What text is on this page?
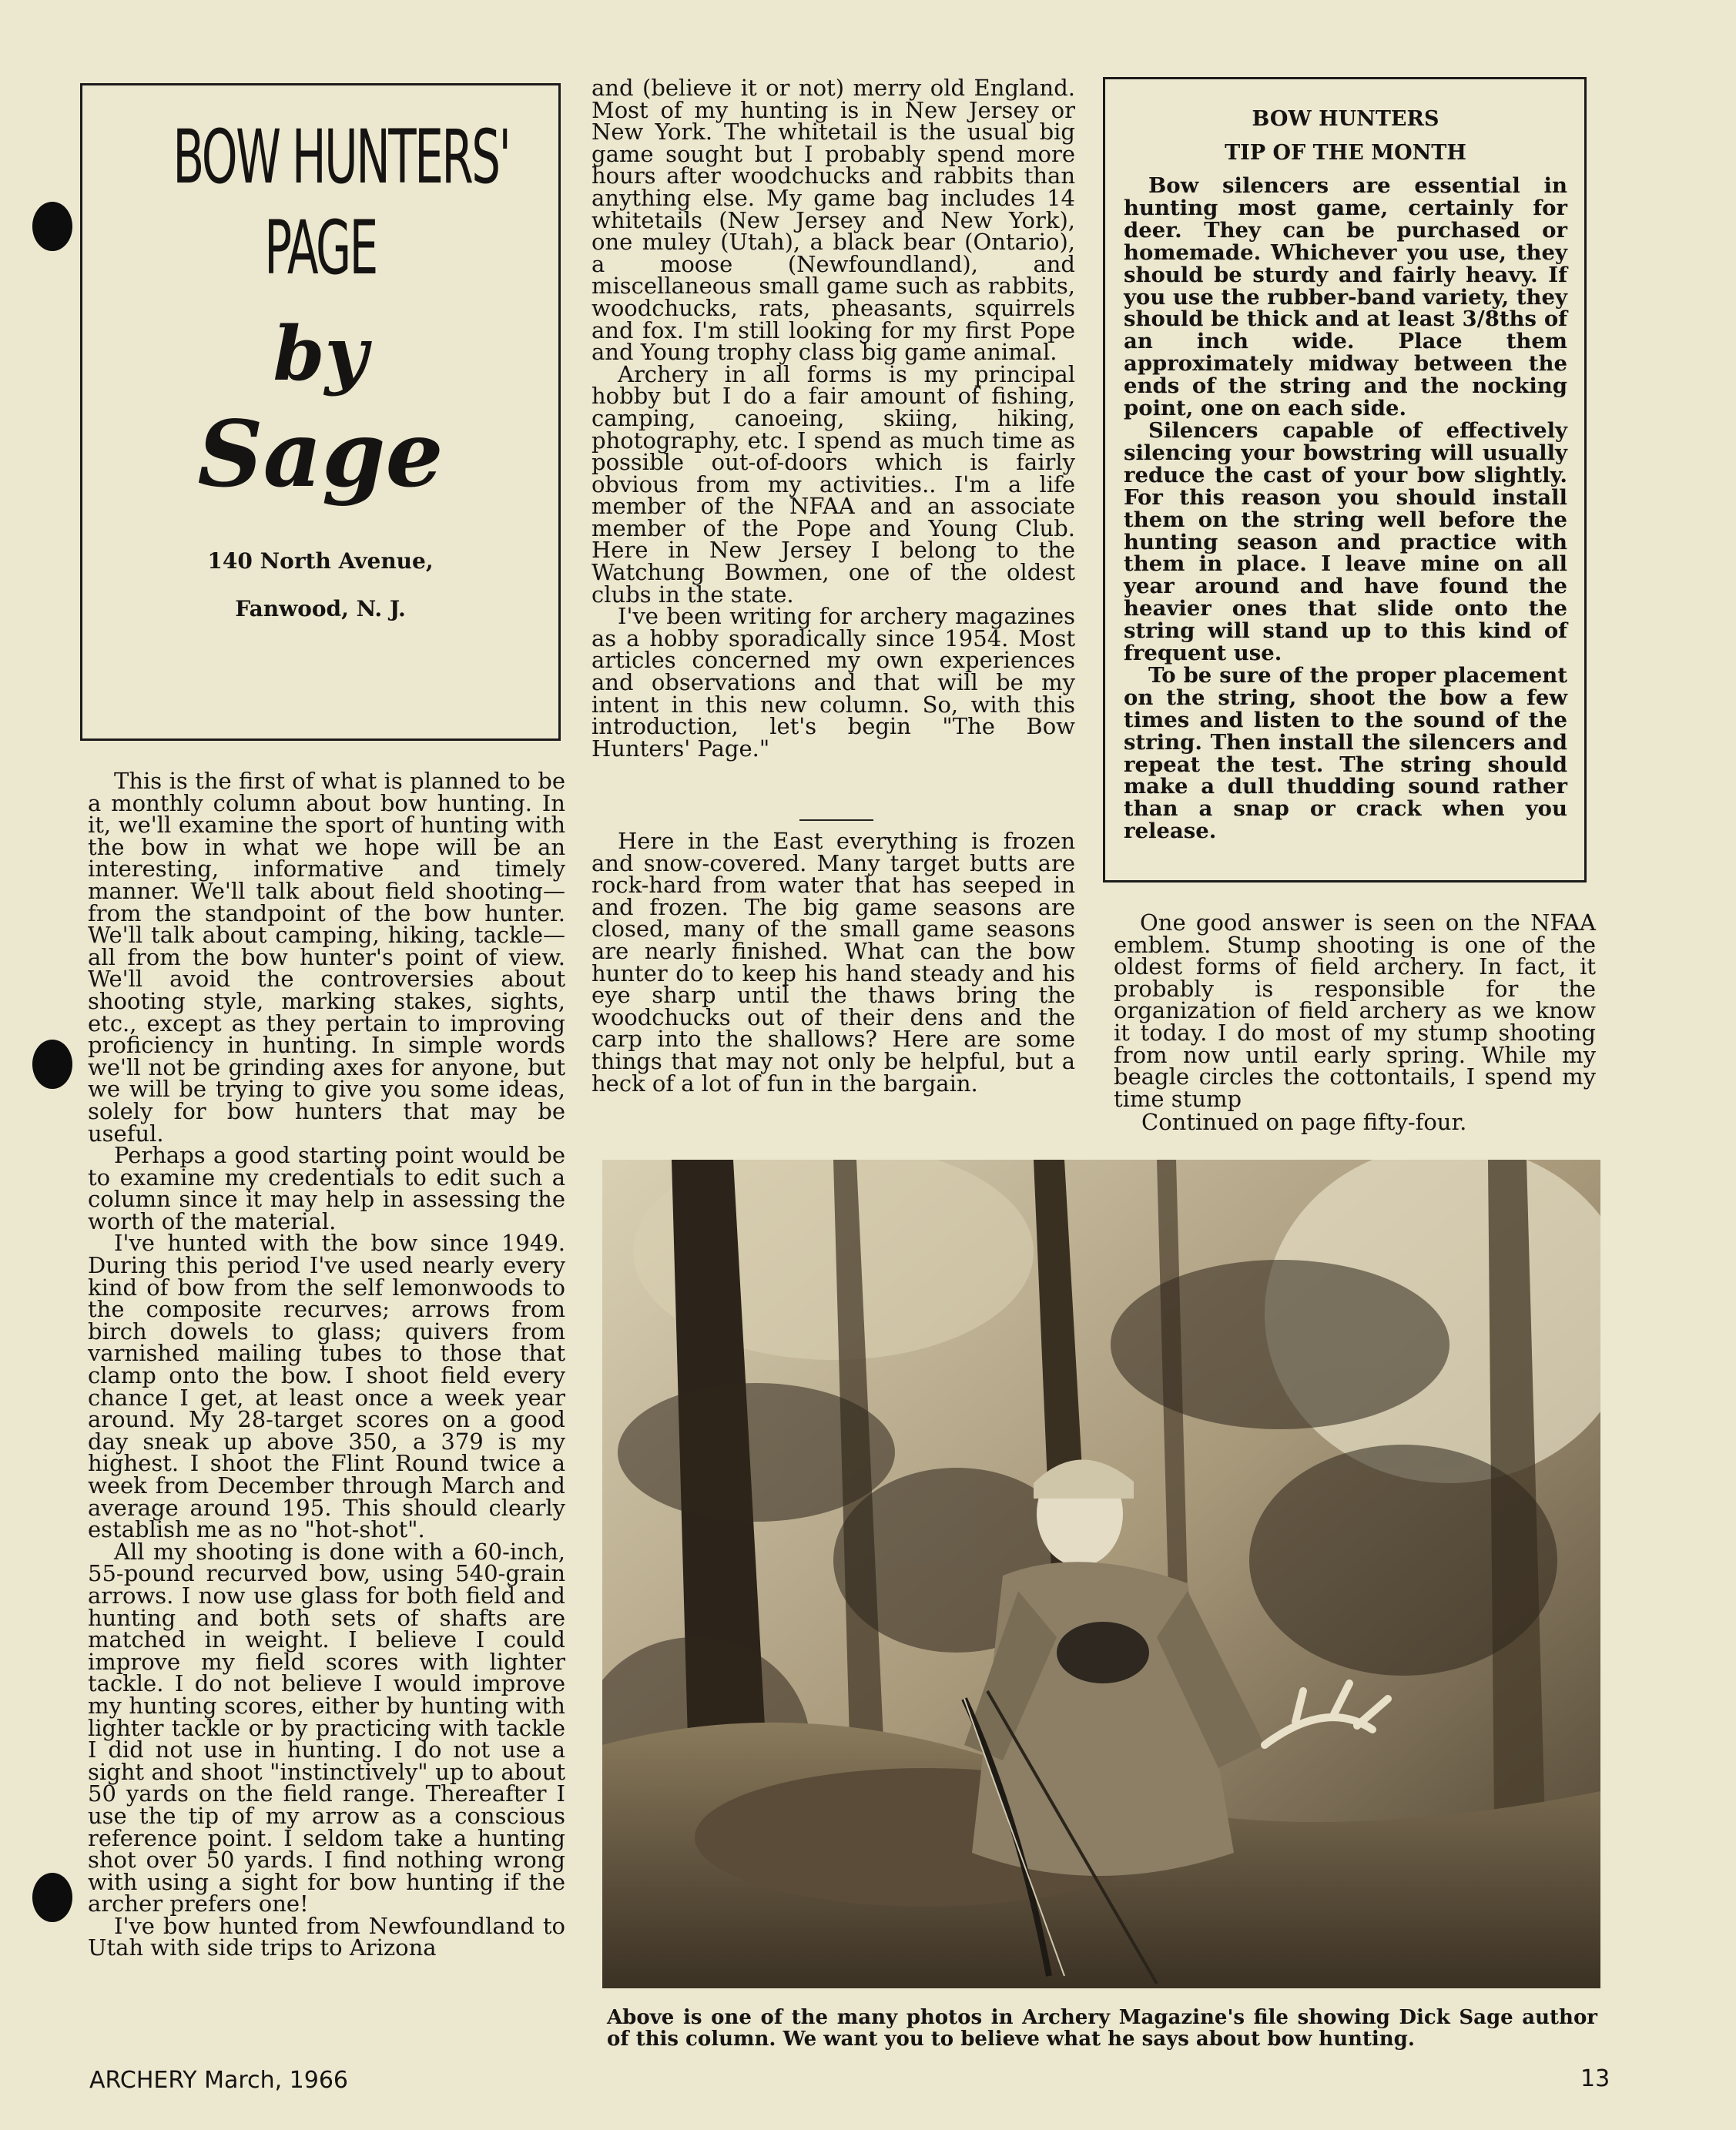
BOW HUNTERS'
PAGE
by
Sage
140 North Avenue,
Fanwood, N. J.

This is the first of what is planned to be a monthly column about bow hunting. In it, we'll examine the sport of hunting with the bow in what we hope will be an interesting, informative and timely manner. We'll talk about field shooting—from the standpoint of the bow hunter. We'll talk about camping, hiking, tackle—all from the bow hunter's point of view. We'll avoid the controversies about shooting style, marking stakes, sights, etc., except as they pertain to improving proficiency in hunting. In simple words we'll not be grinding axes for anyone, but we will be trying to give you some ideas, solely for bow hunters that may be useful.

Perhaps a good starting point would be to examine my credentials to edit such a column since it may help in assessing the worth of the material.

I've hunted with the bow since 1949. During this period I've used nearly every kind of bow from the self lemonwoods to the composite recurves; arrows from birch dowels to glass; quivers from varnished mailing tubes to those that clamp onto the bow. I shoot field every chance I get, at least once a week year around. My 28-target scores on a good day sneak up above 350, a 379 is my highest. I shoot the Flint Round twice a week from December through March and average around 195. This should clearly establish me as no "hot-shot".

All my shooting is done with a 60-inch, 55-pound recurved bow, using 540-grain arrows. I now use glass for both field and hunting and both sets of shafts are matched in weight. I believe I could improve my field scores with lighter tackle. I do not believe I would improve my hunting scores, either by hunting with lighter tackle or by practicing with tackle I did not use in hunting. I do not use a sight and shoot "instinctively" up to about 50 yards on the field range. Thereafter I use the tip of my arrow as a conscious reference point. I seldom take a hunting shot over 50 yards. I find nothing wrong with using a sight for bow hunting if the archer prefers one!

I've bow hunted from Newfoundland to Utah with side trips to Arizona

and (believe it or not) merry old England. Most of my hunting is in New Jersey or New York. The whitetail is the usual big game sought but I probably spend more hours after woodchucks and rabbits than anything else. My game bag includes 14 whitetails (New Jersey and New York), one muley (Utah), a black bear (Ontario), a moose (Newfoundland), and miscellaneous small game such as rabbits, woodchucks, rats, pheasants, squirrels and fox. I'm still looking for my first Pope and Young trophy class big game animal.

Archery in all forms is my principal hobby but I do a fair amount of fishing, camping, canoeing, skiing, hiking, photography, etc. I spend as much time as possible out-of-doors which is fairly obvious from my activities.. I'm a life member of the NFAA and an associate member of the Pope and Young Club. Here in New Jersey I belong to the Watchung Bowmen, one of the oldest clubs in the state.

I've been writing for archery magazines as a hobby sporadically since 1954. Most articles concerned my own experiences and observations and that will be my intent in this new column. So, with this introduction, let's begin "The Bow Hunters' Page."

Here in the East everything is frozen and snow-covered. Many target butts are rock-hard from water that has seeped in and frozen. The big game seasons are closed, many of the small game seasons are nearly finished. What can the bow hunter do to keep his hand steady and his eye sharp until the thaws bring the woodchucks out of their dens and the carp into the shallows? Here are some things that may not only be helpful, but a heck of a lot of fun in the bargain.

BOW HUNTERS
TIP OF THE MONTH

Bow silencers are essential in hunting most game, certainly for deer. They can be purchased or homemade. Whichever you use, they should be sturdy and fairly heavy. If you use the rubber-band variety, they should be thick and at least 3/8ths of an inch wide. Place them approximately midway between the ends of the string and the nocking point, one on each side.

Silencers capable of effectively silencing your bowstring will usually reduce the cast of your bow slightly. For this reason you should install them on the string well before the hunting season and practice with them in place. I leave mine on all year around and have found the heavier ones that slide onto the string will stand up to this kind of frequent use.

To be sure of the proper placement on the string, shoot the bow a few times and listen to the sound of the string. Then install the silencers and repeat the test. The string should make a dull thudding sound rather than a snap or crack when you release.

One good answer is seen on the NFAA emblem. Stump shooting is one of the oldest forms of field archery. In fact, it probably is responsible for the organization of field archery as we know it today. I do most of my stump shooting from now until early spring. While my beagle circles the cottontails, I spend my time stump

Continued on page fifty-four.

Above is one of the many photos in Archery Magazine's file showing Dick Sage author of this column. We want you to believe what he says about bow hunting.
ARCHERY March, 1966	13
